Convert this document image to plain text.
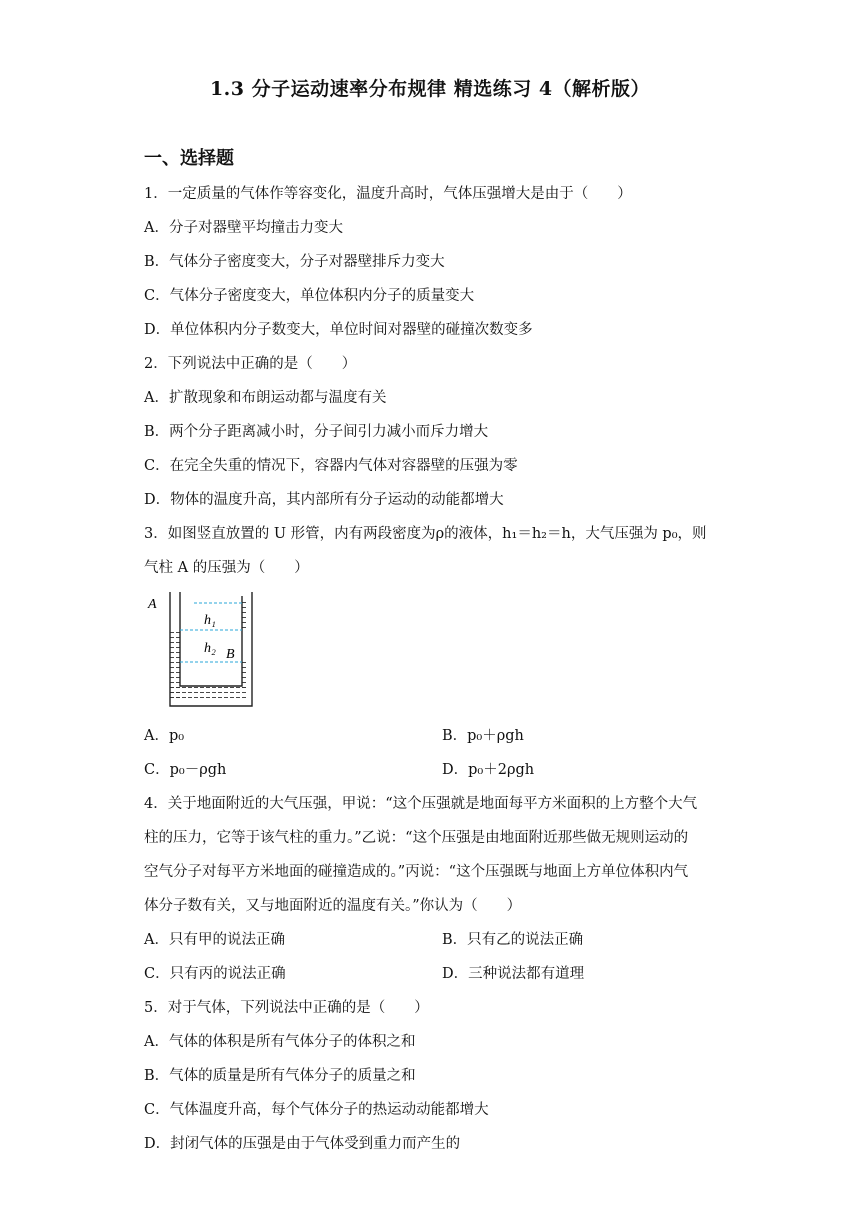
1.3 分子运动速率分布规律 精选练习 4（解析版）
一、选择题
1．一定质量的气体作等容变化，温度升高时，气体压强增大是由于（　　）
A．分子对器壁平均撞击力变大
B．气体分子密度变大，分子对器壁排斥力变大
C．气体分子密度变大，单位体积内分子的质量变大
D．单位体积内分子数变大，单位时间对器壁的碰撞次数变多
2．下列说法中正确的是（　　）
A．扩散现象和布朗运动都与温度有关
B．两个分子距离减小时，分子间引力减小而斥力增大
C．在完全失重的情况下，容器内气体对容器壁的压强为零
D．物体的温度升高，其内部所有分子运动的动能都增大
3．如图竖直放置的 U 形管，内有两段密度为ρ的液体，h₁＝h₂＝h，大气压强为 p₀，则
气柱 A 的压强为（　　）
A
h₁
h₂ B
A．p₀	B．p₀＋ρgh
C．p₀－ρgh	D．p₀＋2ρgh
4．关于地面附近的大气压强，甲说：“这个压强就是地面每平方米面积的上方整个大气
柱的压力，它等于该气柱的重力。”乙说：“这个压强是由地面附近那些做无规则运动的
空气分子对每平方米地面的碰撞造成的。”丙说：“这个压强既与地面上方单位体积内气
体分子数有关，又与地面附近的温度有关。”你认为（　　）
A．只有甲的说法正确	B．只有乙的说法正确
C．只有丙的说法正确	D．三种说法都有道理
5．对于气体，下列说法中正确的是（　　）
A．气体的体积是所有气体分子的体积之和
B．气体的质量是所有气体分子的质量之和
C．气体温度升高，每个气体分子的热运动动能都增大
D．封闭气体的压强是由于气体受到重力而产生的
